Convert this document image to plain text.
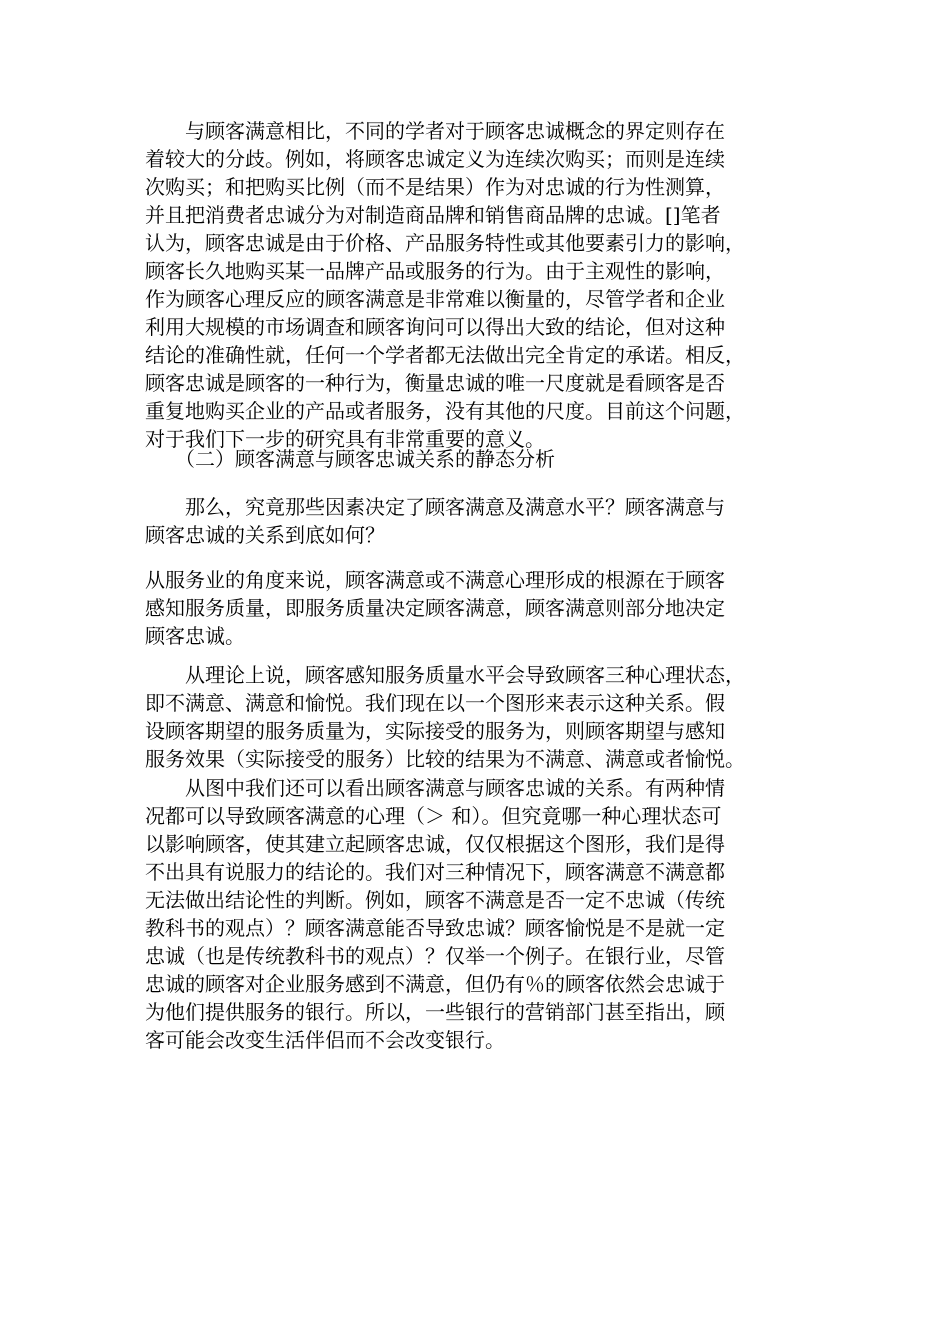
　　与顾客满意相比，不同的学者对于顾客忠诚概念的界定则存在
着较大的分歧。例如，将顾客忠诚定义为连续次购买；而则是连续
次购买；和把购买比例（而不是结果）作为对忠诚的行为性测算，
并且把消费者忠诚分为对制造商品牌和销售商品牌的忠诚。[]笔者
认为，顾客忠诚是由于价格、产品服务特性或其他要素引力的影响，
顾客长久地购买某一品牌产品或服务的行为。由于主观性的影响，
作为顾客心理反应的顾客满意是非常难以衡量的，尽管学者和企业
利用大规模的市场调查和顾客询问可以得出大致的结论，但对这种
结论的准确性就，任何一个学者都无法做出完全肯定的承诺。相反，
顾客忠诚是顾客的一种行为，衡量忠诚的唯一尺度就是看顾客是否
重复地购买企业的产品或者服务，没有其他的尺度。目前这个问题，
对于我们下一步的研究具有非常重要的意义。
　　（二）顾客满意与顾客忠诚关系的静态分析
　　那么，究竟那些因素决定了顾客满意及满意水平？顾客满意与
顾客忠诚的关系到底如何？
从服务业的角度来说，顾客满意或不满意心理形成的根源在于顾客
感知服务质量，即服务质量决定顾客满意，顾客满意则部分地决定
顾客忠诚。
　　从理论上说，顾客感知服务质量水平会导致顾客三种心理状态，
即不满意、满意和愉悦。我们现在以一个图形来表示这种关系。假
设顾客期望的服务质量为，实际接受的服务为，则顾客期望与感知
服务效果（实际接受的服务）比较的结果为不满意、满意或者愉悦。
　　从图中我们还可以看出顾客满意与顾客忠诚的关系。有两种情
况都可以导致顾客满意的心理（＞ 和）。但究竟哪一种心理状态可
以影响顾客，使其建立起顾客忠诚，仅仅根据这个图形，我们是得
不出具有说服力的结论的。我们对三种情况下，顾客满意不满意都
无法做出结论性的判断。例如，顾客不满意是否一定不忠诚（传统
教科书的观点）？顾客满意能否导致忠诚？顾客愉悦是不是就一定
忠诚（也是传统教科书的观点）？仅举一个例子。在银行业，尽管
忠诚的顾客对企业服务感到不满意，但仍有％的顾客依然会忠诚于
为他们提供服务的银行。所以，一些银行的营销部门甚至指出，顾
客可能会改变生活伴侣而不会改变银行。
